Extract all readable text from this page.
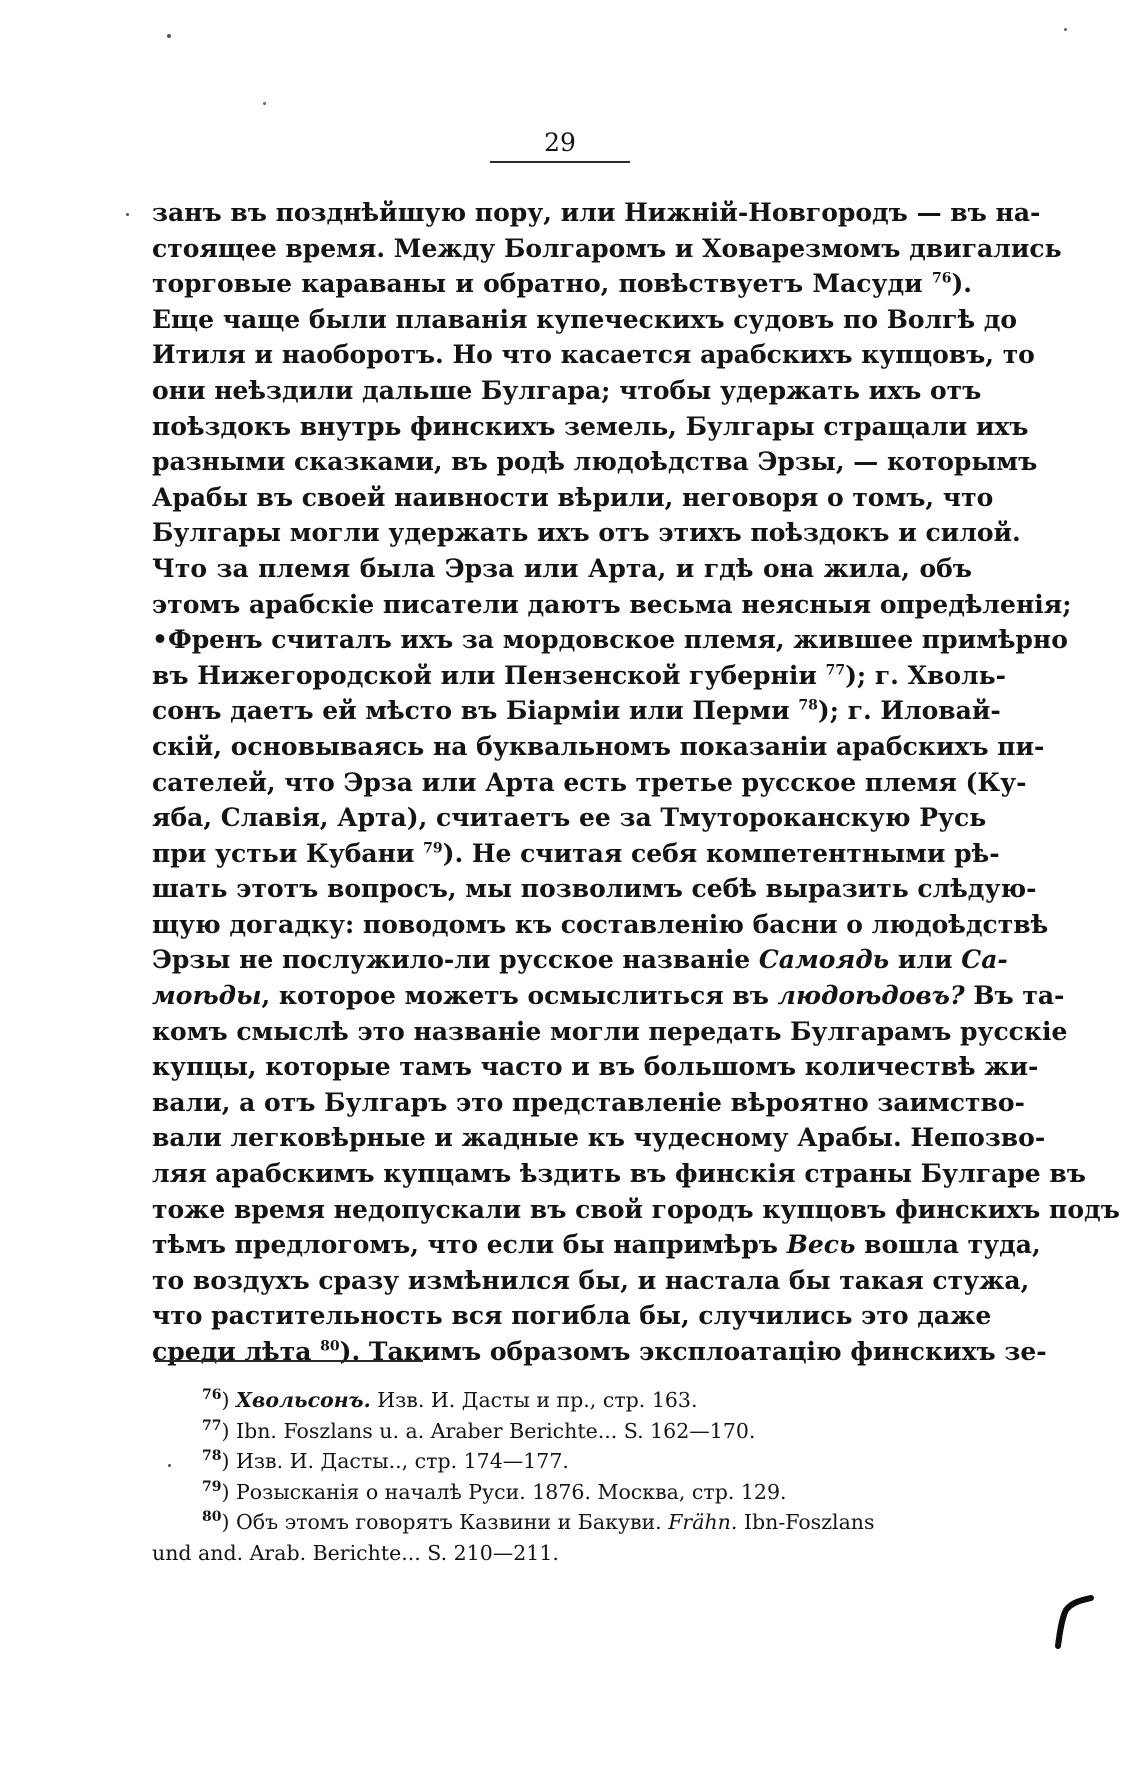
29
занъ въ позднѣйшую пору, или Нижній-Новгородъ — въ на-
стоящее время. Между Болгаромъ и Ховарезмомъ двигались
торговые караваны и обратно, повѣствуетъ Масуди $^{76}$).
Еще чаще были плаванія купеческихъ судовъ по Волгѣ до
Итиля и наоборотъ. Но что касается арабскихъ купцовъ, то
они неѣздили дальше Булгара; чтобы удержать ихъ отъ
поѣздокъ внутрь финскихъ земель, Булгары стращали ихъ
разными сказками, въ родѣ людоѣдства Эрзы, — которымъ
Арабы въ своей наивности вѣрили, неговоря о томъ, что
Булгары могли удержать ихъ отъ этихъ поѣздокъ и силой.
Что за племя была Эрза или Арта, и гдѣ она жила, объ
этомъ арабскіе писатели даютъ весьма неясныя опредѣленія;
•Френъ считалъ ихъ за мордовское племя, жившее примѣрно
въ Нижегородской или Пензенской губерніи $^{77}$); г. Хволь-
сонъ даетъ ей мѣсто въ Біарміи или Перми $^{78}$); г. Иловай-
скій, основываясь на буквальномъ показаніи арабскихъ пи-
сателей, что Эрза или Арта есть третье русское племя (Ку-
яба, Славія, Арта), считаетъ ее за Тмутороканскую Русь
при устьи Кубани $^{79}$). Не считая себя компетентными рѣ-
шать этотъ вопросъ, мы позволимъ себѣ выразить слѣдую-
щую догадку: поводомъ къ составленію басни о людоѣдствѣ
Эрзы не послужило-ли русское названіе Самоядь или Са-
моѣды, которое можетъ осмыслиться въ людоѣдовъ? Въ та-
комъ смыслѣ это названіе могли передать Булгарамъ русскіе
купцы, которые тамъ часто и въ большомъ количествѣ жи-
вали, а отъ Булгаръ это представленіе вѣроятно заимство-
вали легковѣрные и жадные къ чудесному Арабы. Непозво-
ляя арабскимъ купцамъ ѣздить въ финскія страны Булгаре въ
тоже время недопускали въ свой городъ купцовъ финскихъ подъ
тѣмъ предлогомъ, что если бы напримѣръ Весь вошла туда,
то воздухъ сразу измѣнился бы, и настала бы такая стужа,
что растительность вся погибла бы, случились это даже
среди лѣта $^{80}$). Такимъ образомъ эксплоатацію финскихъ зе-
$^{76}$) Хвольсонъ. Изв. И. Дасты и пр., стр. 163.
$^{77}$) Ibn. Foszlans u. a. Araber Berichte... S. 162—170.
$^{78}$) Изв. И. Дасты.., стр. 174—177.
$^{79}$) Розысканія о началѣ Руси. 1876. Москва, стр. 129.
$^{80}$) Объ этомъ говорятъ Казвини и Бакуви. Frähn. Ibn-Foszlans
und and. Arab. Berichte... S. 210—211.
